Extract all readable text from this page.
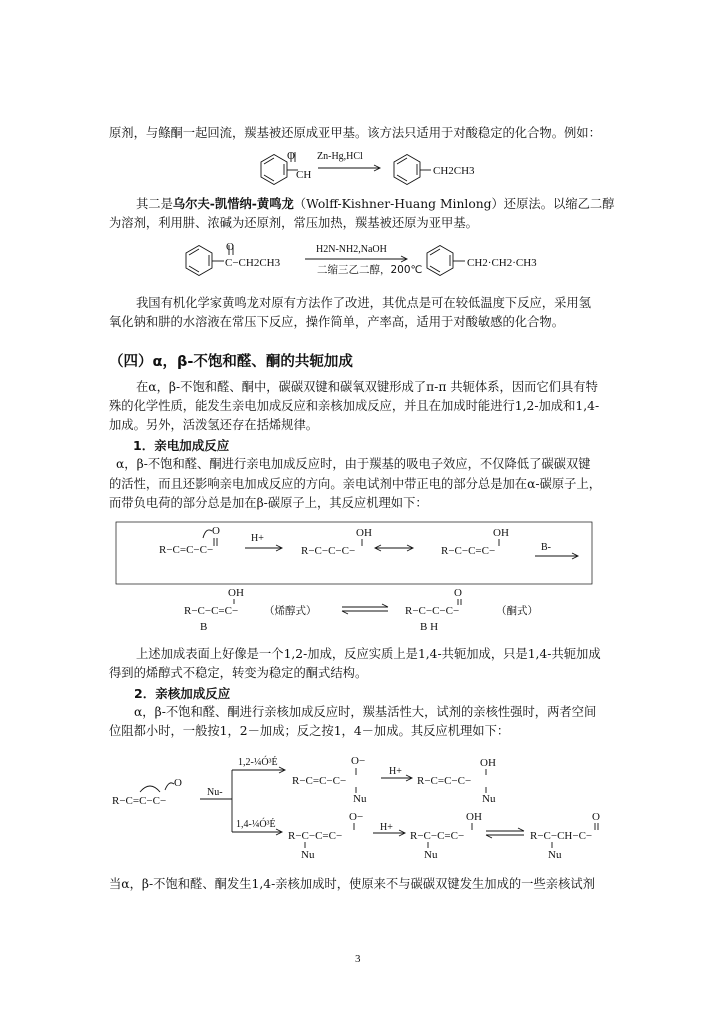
原剂，与鲦酮一起回流，羰基被还原成亚甲基。该方法只适用于对酸稳定的化合物。例如：
O
CH
Zn-Hg,HCl
CH2CH3
其二是乌尔夫-凯惜纳-黄鸣龙（Wolff-Kishner-Huang Minlong）还原法。以缩乙二醇
为溶剂，利用肼、浓碱为还原剂，常压加热，羰基被还原为亚甲基。
O
C−CH2CH3
H2N-NH2,NaOH
二缩三乙二醇，200℃
CH2·CH2·CH3
我国有机化学家黄鸣龙对原有方法作了改进，其优点是可在较低温度下反应，采用氢
氧化钠和肼的水溶液在常压下反应，操作简单，产率高，适用于对酸敏感的化合物。
（四）α，β-不饱和醛、酮的共轭加成
在α，β-不饱和醛、酮中，碳碳双键和碳氧双键形成了π-π 共轭体系，因而它们具有特
殊的化学性质，能发生亲电加成反应和亲核加成反应，并且在加成时能进行1,2-加成和1,4-
加成。另外，活泼氢还存在括烯规律。
1．亲电加成反应
α，β-不饱和醛、酮进行亲电加成反应时，由于羰基的吸电子效应，不仅降低了碳碳双键
的活性，而且还影响亲电加成反应的方向。亲电试剂中带正电的部分总是加在α-碳原子上，
而带负电荷的部分总是加在β-碳原子上，其反应机理如下：
R−C=C−C−
O
H+
R−C−C−C−
OH
R−C−C=C−
OH
B-
OH
R−C−C=C−
B
（烯醇式）
O
R−C−C−C−
B H
（酮式）
上述加成表面上好像是一个1,2-加成，反应实质上是1,4-共轭加成，只是1,4-共轭加成
得到的烯醇式不稳定，转变为稳定的酮式结构。
2．亲核加成反应
α，β-不饱和醛、酮进行亲核加成反应时，羰基活性大，试剂的亲核性强时，两者空间
位阻都小时，一般按1，2－加成；反之按1，4－加成。其反应机理如下：
R−C=C−C−
O
Nu-
1,2-¼Ó³É
1,4-¼Ó³É
R−C=C−C−
O−
Nu
H+
R−C=C−C−
OH
Nu
R−C−C=C−
O−
Nu
H+
R−C−C=C−
OH
Nu
R−C−CH−C−
O
Nu
当α，β-不饱和醛、酮发生1,4-亲核加成时，使原来不与碳碳双键发生加成的一些亲核试剂
3
